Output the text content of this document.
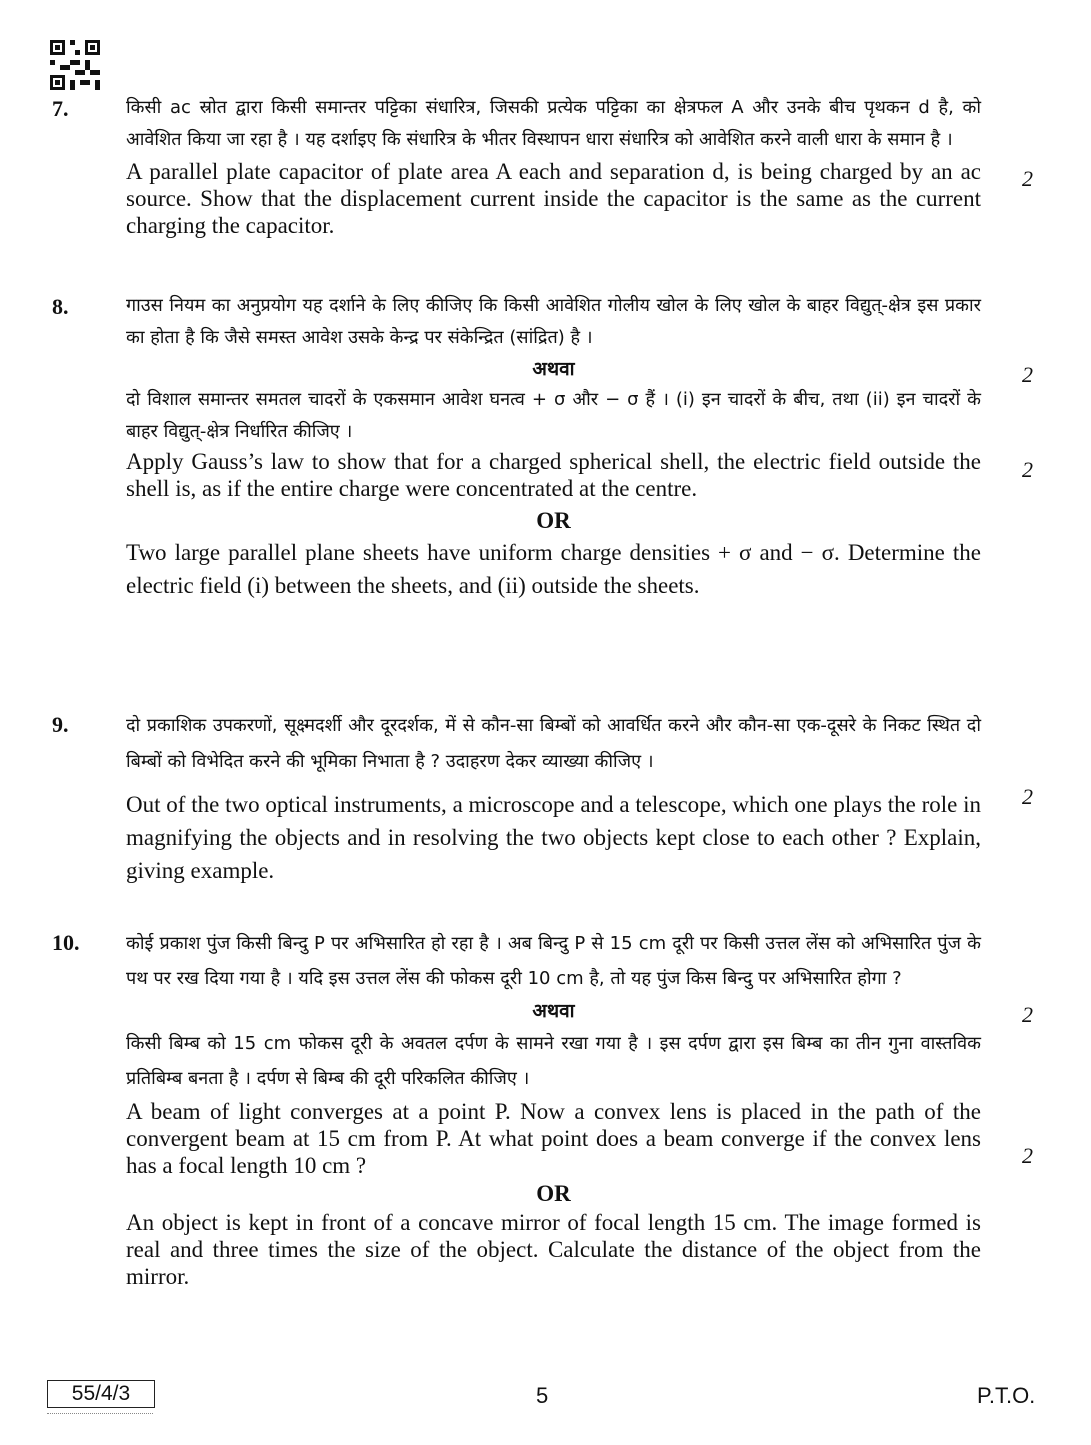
7.	किसी ac स्रोत द्वारा किसी समान्तर पट्टिका संधारित्र, जिसकी प्रत्येक पट्टिका का क्षेत्रफल A और उनके बीच पृथकन d है, को आवेशित किया जा रहा है । यह दर्शाइए कि संधारित्र के भीतर विस्थापन धारा संधारित्र को आवेशित करने वाली धारा के समान है ।

A parallel plate capacitor of plate area A each and separation d, is being charged by an ac source. Show that the displacement current inside the capacitor is the same as the current charging the capacitor.

2
8.	गाउस नियम का अनुप्रयोग यह दर्शाने के लिए कीजिए कि किसी आवेशित गोलीय खोल के लिए खोल के बाहर विद्युत्-क्षेत्र इस प्रकार का होता है कि जैसे समस्त आवेश उसके केन्द्र पर संकेन्द्रित (सांद्रित) है ।

अथवा

दो विशाल समान्तर समतल चादरों के एकसमान आवेश घनत्व + σ और − σ हैं । (i) इन चादरों के बीच, तथा (ii) इन चादरों के बाहर विद्युत्-क्षेत्र निर्धारित कीजिए ।

Apply Gauss’s law to show that for a charged spherical shell, the electric field outside the shell is, as if the entire charge were concentrated at the centre.

OR

Two large parallel plane sheets have uniform charge densities + σ and − σ. Determine the electric field (i) between the sheets, and (ii) outside the sheets.

2
2
9.	दो प्रकाशिक उपकरणों, सूक्ष्मदर्शी और दूरदर्शक, में से कौन-सा बिम्बों को आवर्धित करने और कौन-सा एक-दूसरे के निकट स्थित दो बिम्बों को विभेदित करने की भूमिका निभाता है ? उदाहरण देकर व्याख्या कीजिए ।

Out of the two optical instruments, a microscope and a telescope, which one plays the role in magnifying the objects and in resolving the two objects kept close to each other ? Explain, giving example.

2
10.	कोई प्रकाश पुंज किसी बिन्दु P पर अभिसारित हो रहा है । अब बिन्दु P से 15 cm दूरी पर किसी उत्तल लेंस को अभिसारित पुंज के पथ पर रख दिया गया है । यदि इस उत्तल लेंस की फोकस दूरी 10 cm है, तो यह पुंज किस बिन्दु पर अभिसारित होगा ?

अथवा

किसी बिम्ब को 15 cm फोकस दूरी के अवतल दर्पण के सामने रखा गया है । इस दर्पण द्वारा इस बिम्ब का तीन गुना वास्तविक प्रतिबिम्ब बनता है । दर्पण से बिम्ब की दूरी परिकलित कीजिए ।

A beam of light converges at a point P. Now a convex lens is placed in the path of the convergent beam at 15 cm from P. At what point does a beam converge if the convex lens has a focal length 10 cm ?

OR

An object is kept in front of a concave mirror of focal length 15 cm. The image formed is real and three times the size of the object. Calculate the distance of the object from the mirror.

2
2
55/4/3	5	P.T.O.
